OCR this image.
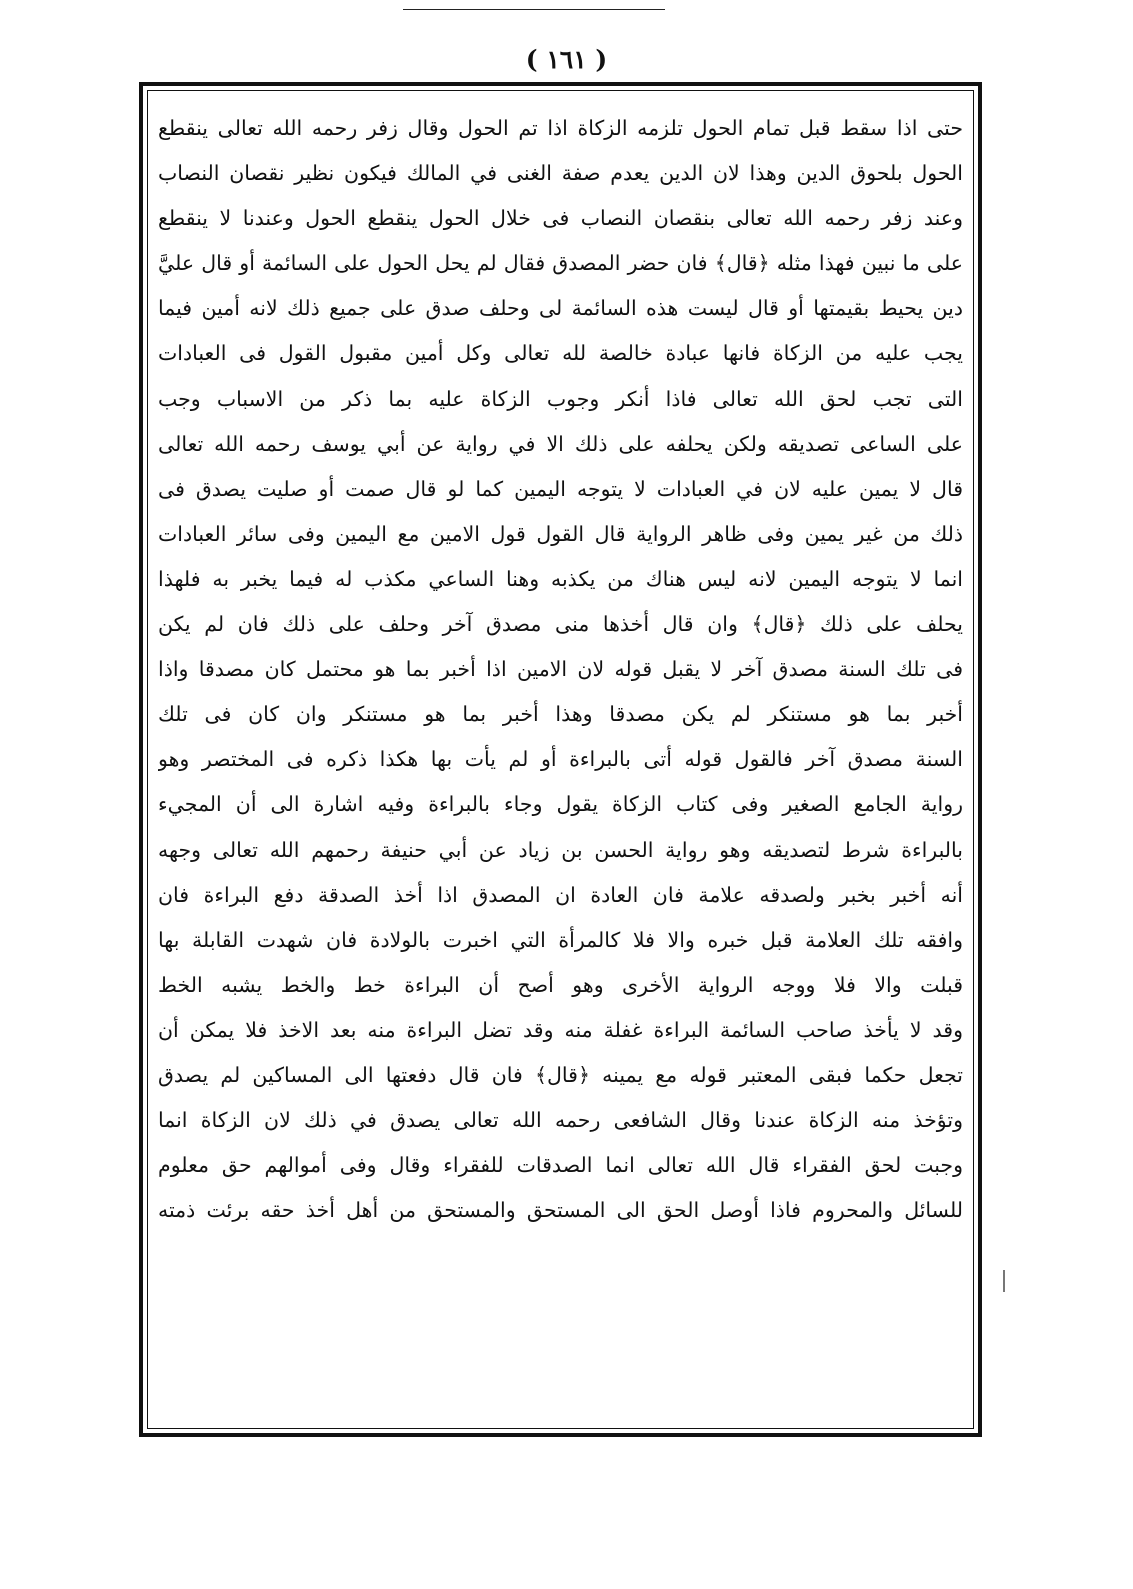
( ١٦١ )
حتى اذا سقط قبل تمام الحول تلزمه الزكاة اذا تم الحول وقال زفر رحمه الله تعالى ينقطع
الحول بلحوق الدين وهذا لان الدين يعدم صفة الغنى في المالك فيكون نظير نقصان النصاب
وعند زفر رحمه الله تعالى بنقصان النصاب فى خلال الحول ينقطع الحول وعندنا لا ينقطع
على ما نبين فهذا مثله ﴿قال﴾ فان حضر المصدق فقال لم يحل الحول على السائمة أو قال عليَّ
دين يحيط بقيمتها أو قال ليست هذه السائمة لى وحلف صدق على جميع ذلك لانه أمين فيما
يجب عليه من الزكاة فانها عبادة خالصة لله تعالى وكل أمين مقبول القول فى العبادات
التى تجب لحق الله تعالى فاذا أنكر وجوب الزكاة عليه بما ذكر من الاسباب وجب
على الساعى تصديقه ولكن يحلفه على ذلك الا في رواية عن أبي يوسف رحمه الله تعالى
قال لا يمين عليه لان في العبادات لا يتوجه اليمين كما لو قال صمت أو صليت يصدق فى
ذلك من غير يمين وفى ظاهر الرواية قال القول قول الامين مع اليمين وفى سائر العبادات
انما لا يتوجه اليمين لانه ليس هناك من يكذبه وهنا الساعي مكذب له فيما يخبر به فلهذا
يحلف على ذلك ﴿قال﴾ وان قال أخذها منى مصدق آخر وحلف على ذلك فان لم يكن
فى تلك السنة مصدق آخر لا يقبل قوله لان الامين اذا أخبر بما هو محتمل كان مصدقا واذا
أخبر بما هو مستنكر لم يكن مصدقا وهذا أخبر بما هو مستنكر وان كان فى تلك
السنة مصدق آخر فالقول قوله أتى بالبراءة أو لم يأت بها هكذا ذكره فى المختصر وهو
رواية الجامع الصغير وفى كتاب الزكاة يقول وجاء بالبراءة وفيه اشارة الى أن المجيء
بالبراءة شرط لتصديقه وهو رواية الحسن بن زياد عن أبي حنيفة رحمهم الله تعالى وجهه
أنه أخبر بخبر ولصدقه علامة فان العادة ان المصدق اذا أخذ الصدقة دفع البراءة فان
وافقه تلك العلامة قبل خبره والا فلا كالمرأة التي اخبرت بالولادة فان شهدت القابلة بها
قبلت والا فلا ووجه الرواية الأخرى وهو أصح أن البراءة خط والخط يشبه الخط
وقد لا يأخذ صاحب السائمة البراءة غفلة منه وقد تضل البراءة منه بعد الاخذ فلا يمكن أن
تجعل حكما فبقى المعتبر قوله مع يمينه ﴿قال﴾ فان قال دفعتها الى المساكين لم يصدق
وتؤخذ منه الزكاة عندنا وقال الشافعى رحمه الله تعالى يصدق في ذلك لان الزكاة انما
وجبت لحق الفقراء قال الله تعالى انما الصدقات للفقراء وقال وفى أموالهم حق معلوم
للسائل والمحروم فاذا أوصل الحق الى المستحق والمستحق من أهل أخذ حقه برئت ذمته
